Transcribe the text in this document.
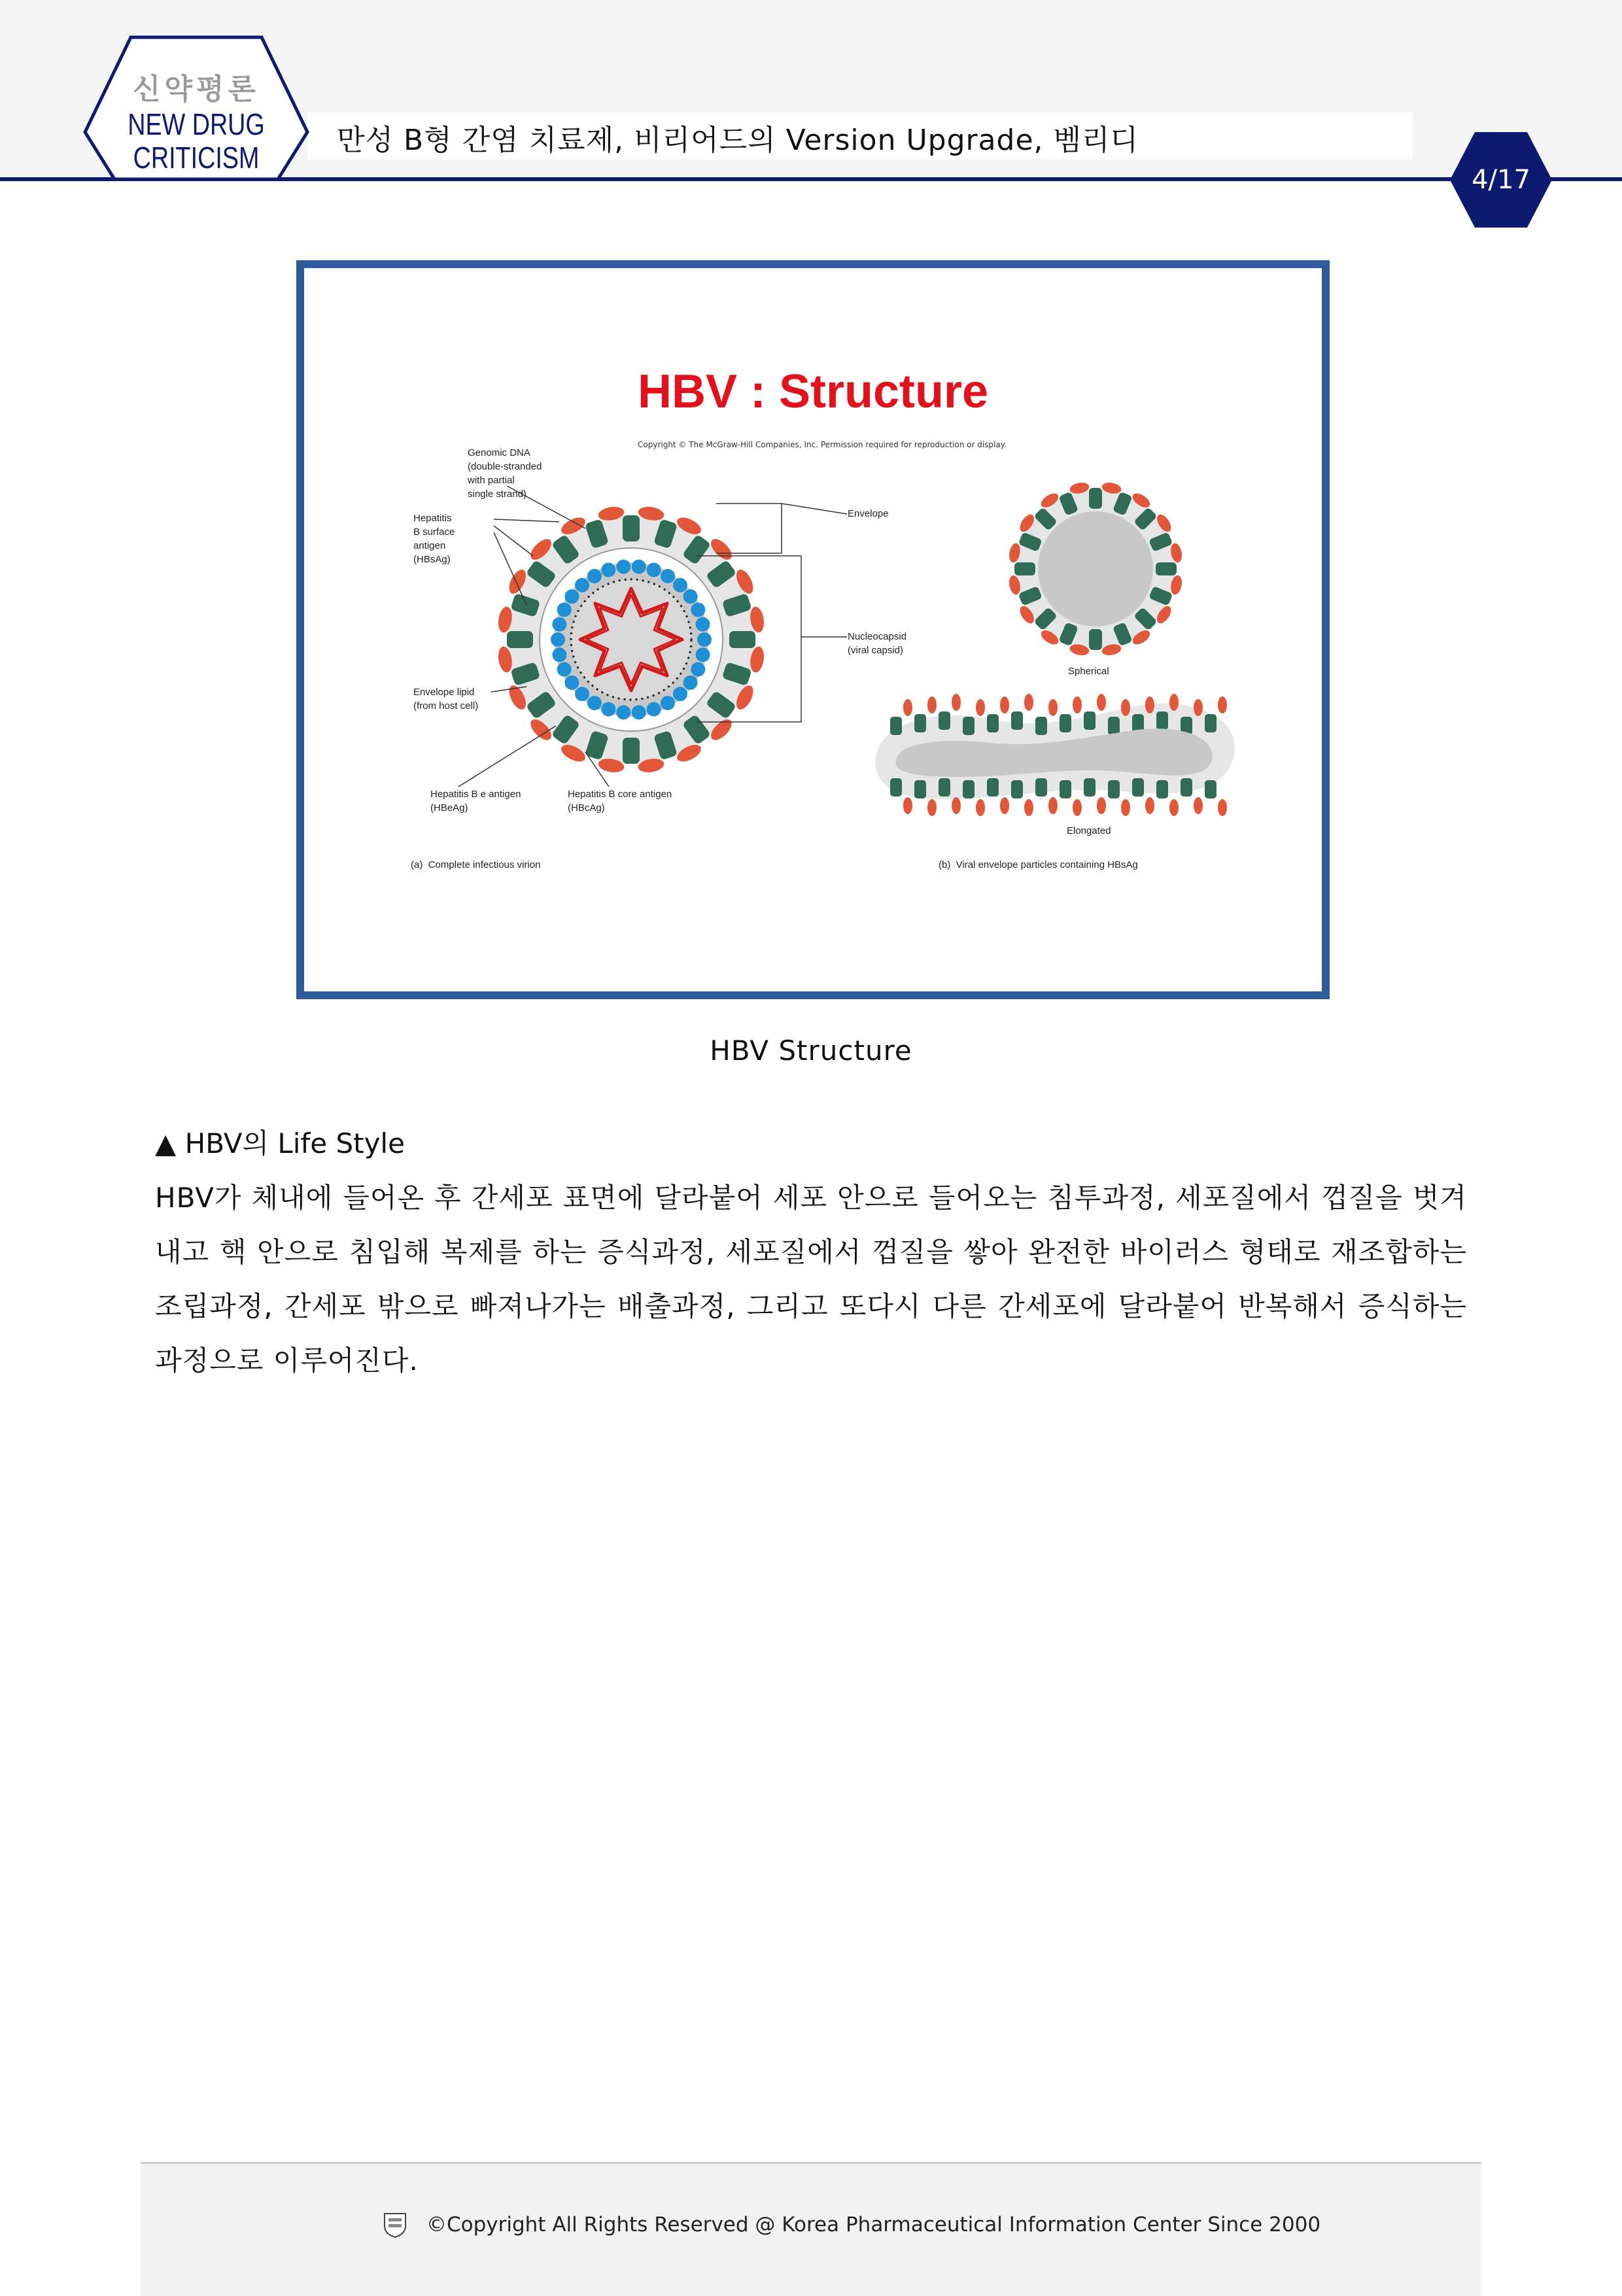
만성 B형 간염 치료제, 비리어드의 Version Upgrade, 벰리디
신약평론
NEW DRUG
CRITICISM
4/17
HBV : Structure
Copyright © The McGraw-Hill Companies, Inc. Permission required for reproduction or display.
Genomic DNA
(double-stranded
with partial
single strand)
Hepatitis
B surface
antigen
(HBsAg)
Envelope lipid
(from host cell)
Hepatitis B e antigen
(HBeAg)
Hepatitis B core antigen
(HBcAg)
Envelope
Nucleocapsid
(viral capsid)
Spherical
Elongated
(a)  Complete infectious virion	(b)  Viral envelope particles containing HBsAg
HBV Structure
▲ HBV의 Life Style
HBV가 체내에 들어온 후 간세포 표면에 달라붙어 세포 안으로 들어오는 침투과정, 세포질에서 껍질을 벗겨내고 핵 안으로 침입해 복제를 하는 증식과정, 세포질에서 껍질을 쌓아 완전한 바이러스 형태로 재조합하는 조립과정, 간세포 밖으로 빠져나가는 배출과정, 그리고 또다시 다른 간세포에 달라붙어 반복해서 증식하는 과정으로 이루어진다.
©Copyright All Rights Reserved @ Korea Pharmaceutical Information Center Since 2000
